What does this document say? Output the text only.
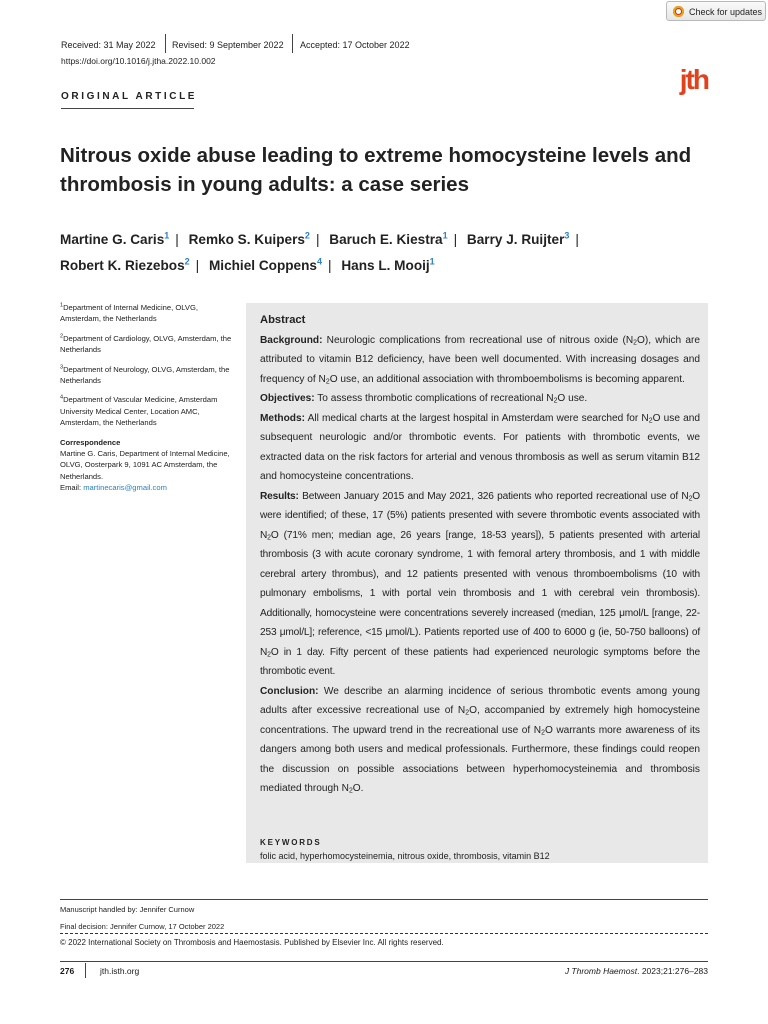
Check for updates
Received: 31 May 2022 Revised: 9 September 2022 Accepted: 17 October 2022
https://doi.org/10.1016/j.jtha.2022.10.002
ORIGINAL ARTICLE
jth
Nitrous oxide abuse leading to extreme homocysteine levels and thrombosis in young adults: a case series
Martine G. Caris$^1$ | Remko S. Kuipers$^2$ | Baruch E. Kiestra$^1$ | Barry J. Ruijter$^3$ |
Robert K. Riezebos$^2$ | Michiel Coppens$^4$ | Hans L. Mooij$^1$
$^1$Department of Internal Medicine, OLVG, Amsterdam, the Netherlands
$^2$Department of Cardiology, OLVG, Amsterdam, the Netherlands
$^3$Department of Neurology, OLVG, Amsterdam, the Netherlands
$^4$Department of Vascular Medicine, Amsterdam University Medical Center, Location AMC, Amsterdam, the Netherlands
Correspondence
Martine G. Caris, Department of Internal Medicine, OLVG, Oosterpark 9, 1091 AC Amsterdam, the Netherlands.
Email: martinecaris@gmail.com
Abstract

Background: Neurologic complications from recreational use of nitrous oxide $(N_2O)$, which are attributed to vitamin B12 deficiency, have been well documented. With increasing dosages and frequency of $N_2O$ use, an additional association with thromboembolisms is becoming apparent.

Objectives: To assess thrombotic complications of recreational $N_2O$ use.

Methods: All medical charts at the largest hospital in Amsterdam were searched for $N_2O$ use and subsequent neurologic and/or thrombotic events. For patients with thrombotic events, we extracted data on the risk factors for arterial and venous thrombosis as well as serum vitamin B12 and homocysteine concentrations.

Results: Between January 2015 and May 2021, 326 patients who reported recreational use of $N_2O$ were identified; of these, 17 (5%) patients presented with severe thrombotic events associated with $N_2O$ (71% men; median age, 26 years [range, 18-53 years]), 5 patients presented with arterial thrombosis (3 with acute coronary syndrome, 1 with femoral artery thrombosis, and 1 with middle cerebral artery thrombus), and 12 patients presented with venous thromboembolisms (10 with pulmonary embolisms, 1 with portal vein thrombosis and 1 with cerebral vein thrombosis). Additionally, homocysteine were concentrations severely increased (median, 125 μmol/L [range, 22-253 μmol/L]; reference, <15 μmol/L). Patients reported use of 400 to 6000 g (ie, 50-750 balloons) of $N_2O$ in 1 day. Fifty percent of these patients had experienced neurologic symptoms before the thrombotic event.

Conclusion: We describe an alarming incidence of serious thrombotic events among young adults after excessive recreational use of $N_2O$, accompanied by extremely high homocysteine concentrations. The upward trend in the recreational use of $N_2O$ warrants more awareness of its dangers among both users and medical professionals. Furthermore, these findings could reopen the discussion on possible associations between hyperhomocysteinemia and thrombosis mediated through $N_2O$.

KEYWORDS
folic acid, hyperhomocysteinemia, nitrous oxide, thrombosis, vitamin B12
Manuscript handled by: Jennifer Curnow
Final decision: Jennifer Curnow, 17 October 2022
© 2022 International Society on Thrombosis and Haemostasis. Published by Elsevier Inc. All rights reserved.
276	jth.isth.org	J Thromb Haemost. 2023;21:276–283
